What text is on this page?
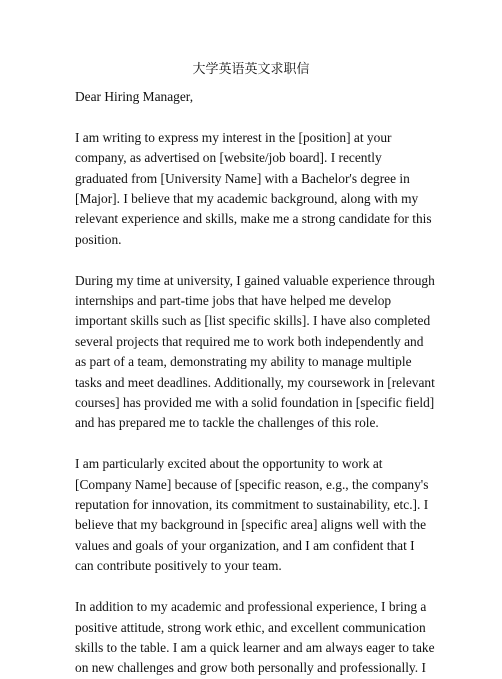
大学英语英文求职信
Dear Hiring Manager,
I am writing to express my interest in the [position] at your
company, as advertised on [website/job board]. I recently
graduated from [University Name] with a Bachelor's degree in
[Major]. I believe that my academic background, along with my
relevant experience and skills, make me a strong candidate for this
position.
During my time at university, I gained valuable experience through
internships and part-time jobs that have helped me develop
important skills such as [list specific skills]. I have also completed
several projects that required me to work both independently and
as part of a team, demonstrating my ability to manage multiple
tasks and meet deadlines. Additionally, my coursework in [relevant
courses] has provided me with a solid foundation in [specific field]
and has prepared me to tackle the challenges of this role.
I am particularly excited about the opportunity to work at
[Company Name] because of [specific reason, e.g., the company's
reputation for innovation, its commitment to sustainability, etc.]. I
believe that my background in [specific area] aligns well with the
values and goals of your organization, and I am confident that I
can contribute positively to your team.
In addition to my academic and professional experience, I bring a
positive attitude, strong work ethic, and excellent communication
skills to the table. I am a quick learner and am always eager to take
on new challenges and grow both personally and professionally. I
